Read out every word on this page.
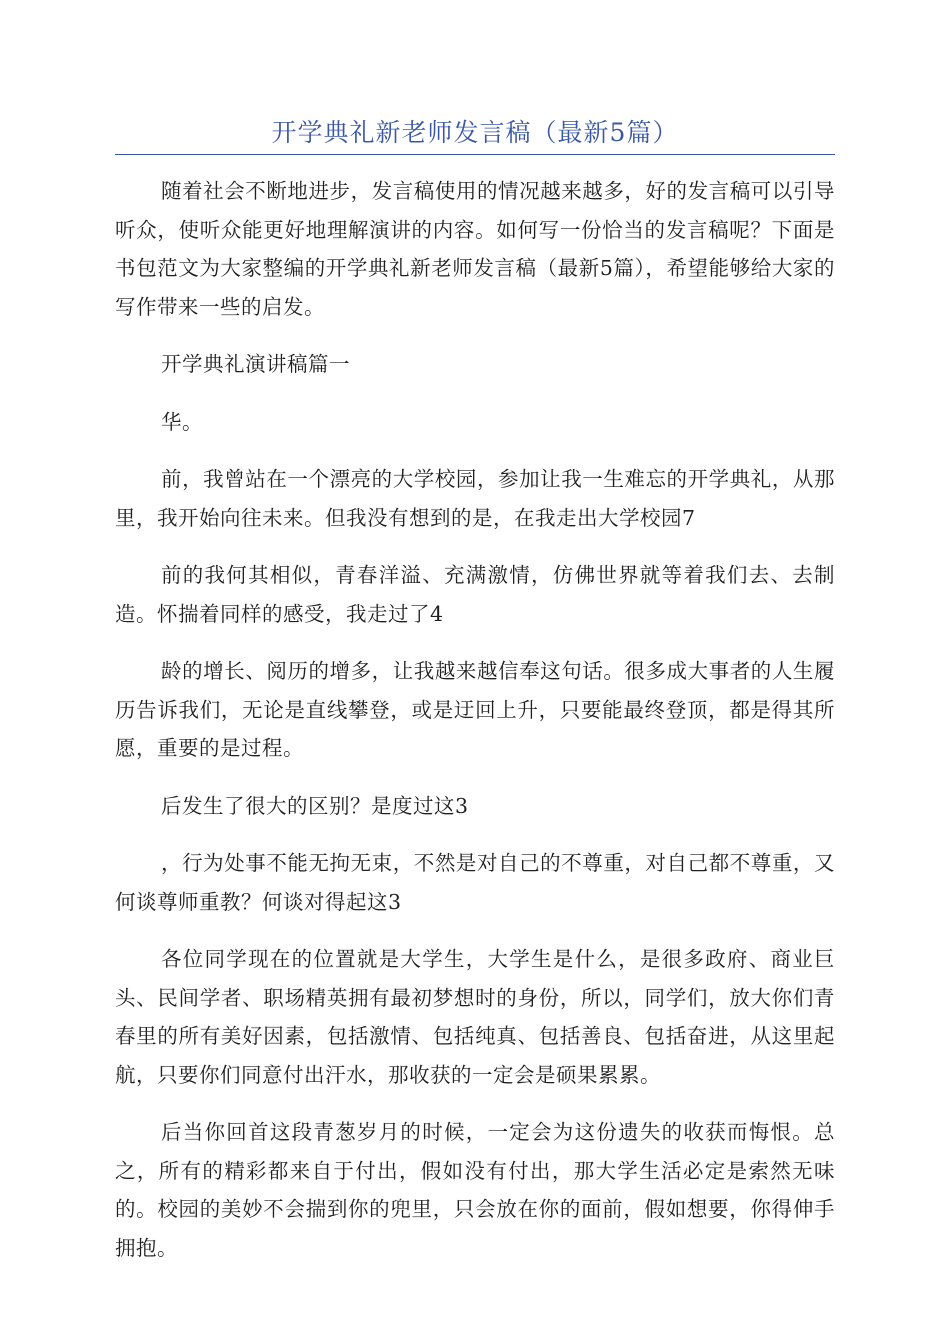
开学典礼新老师发言稿（最新5篇）

随着社会不断地进步，发言稿使用的情况越来越多，好的发言稿可以引导听众，使听众能更好地理解演讲的内容。如何写一份恰当的发言稿呢？下面是书包范文为大家整编的开学典礼新老师发言稿（最新5篇），希望能够给大家的写作带来一些的启发。

开学典礼演讲稿篇一

华。

前，我曾站在一个漂亮的大学校园，参加让我一生难忘的开学典礼，从那里，我开始向往未来。但我没有想到的是，在我走出大学校园7

前的我何其相似，青春洋溢、充满激情，仿佛世界就等着我们去、去制造。怀揣着同样的感受，我走过了4

龄的增长、阅历的增多，让我越来越信奉这句话。很多成大事者的人生履历告诉我们，无论是直线攀登，或是迂回上升，只要能最终登顶，都是得其所愿，重要的是过程。

后发生了很大的区别？是度过这3

，行为处事不能无拘无束，不然是对自己的不尊重，对自己都不尊重，又何谈尊师重教？何谈对得起这3

各位同学现在的位置就是大学生，大学生是什么，是很多政府、商业巨头、民间学者、职场精英拥有最初梦想时的身份，所以，同学们，放大你们青春里的所有美好因素，包括激情、包括纯真、包括善良、包括奋进，从这里起航，只要你们同意付出汗水，那收获的一定会是硕果累累。

后当你回首这段青葱岁月的时候，一定会为这份遗失的收获而悔恨。总之，所有的精彩都来自于付出，假如没有付出，那大学生活必定是索然无味的。校园的美妙不会揣到你的兜里，只会放在你的面前，假如想要，你得伸手拥抱。
